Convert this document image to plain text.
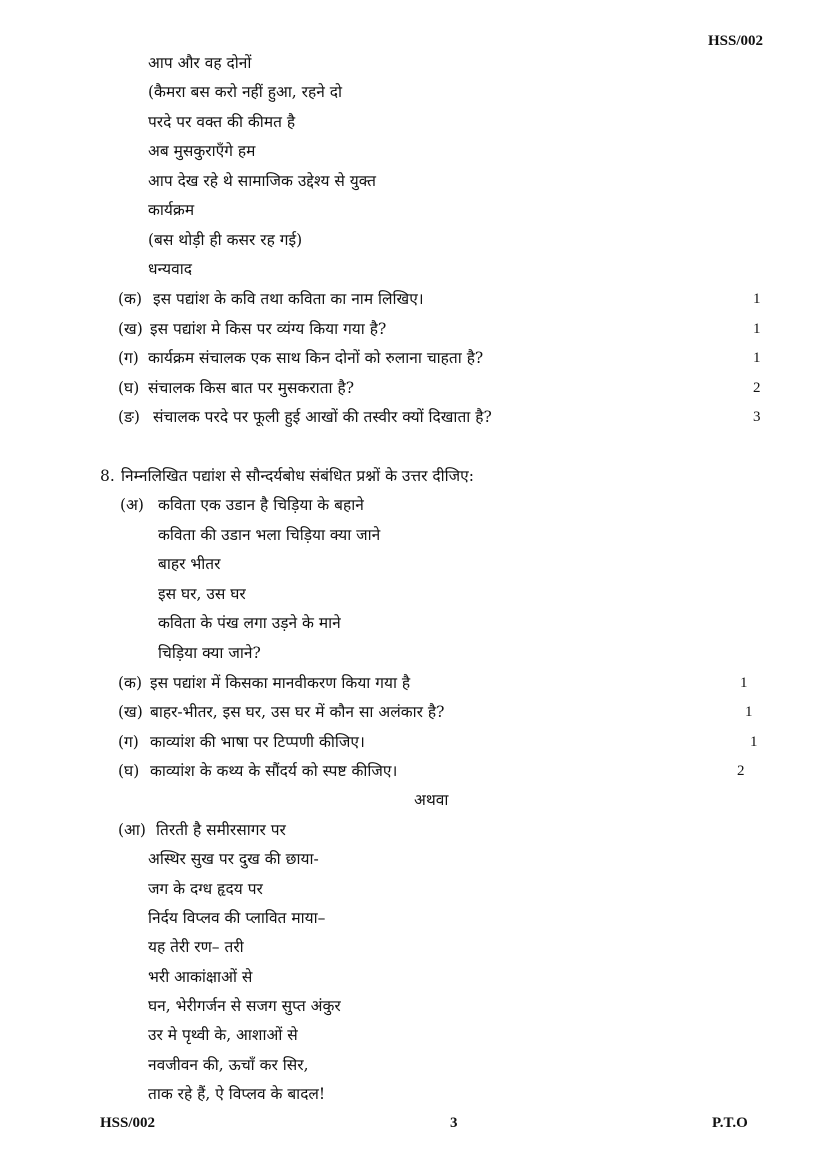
HSS/002
आप और वह दोनों
(कैमरा बस करो नहीं हुआ, रहने दो
परदे पर वक्त की कीमत है
अब मुसकुराएँगे हम
आप देख रहे थे सामाजिक उद्देश्य से युक्त
कार्यक्रम
(बस थोड़ी ही कसर रह गई)
धन्यवाद
(क) इस पद्यांश के कवि तथा कविता का नाम लिखिए।	1
(ख) इस पद्यांश मे किस पर व्यंग्य किया गया है?	1
(ग) कार्यक्रम संचालक एक साथ किन दोनों को रुलाना चाहता है?	1
(घ) संचालक किस बात पर मुसकराता है?	2
(ङ) संचालक परदे पर फूली हुई आखों की तस्वीर क्यों दिखाता है?	3
8. निम्नलिखित पद्यांश से सौन्दर्यबोध संबंधित प्रश्नों के उत्तर दीजिए:
(अ) कविता एक उडान है चिड़िया के बहाने
कविता की उडान भला चिड़िया क्या जाने
बाहर भीतर
इस घर, उस घर
कविता के पंख लगा उड़ने के माने
चिड़िया क्या जाने?
(क) इस पद्यांश में किसका मानवीकरण किया गया है	1
(ख) बाहर-भीतर, इस घर, उस घर में कौन सा अलंकार है?	1
(ग) काव्यांश की भाषा पर टिप्पणी कीजिए।	1
(घ) काव्यांश के कथ्य के सौंदर्य को स्पष्ट कीजिए।	2
अथवा
(आ) तिरती है समीरसागर पर
अस्थिर सुख पर दुख की छाया-
जग के दग्ध हृदय पर
निर्दय विप्लव की प्लावित माया–
यह तेरी रण– तरी
भरी आकांक्षाओं से
घन, भेरीगर्जन से सजग सुप्त अंकुर
उर मे पृथ्वी के, आशाओं से
नवजीवन की, ऊचाँ कर सिर,
ताक रहे हैं, ऐ विप्लव के बादल!
HSS/002	3	P.T.O
